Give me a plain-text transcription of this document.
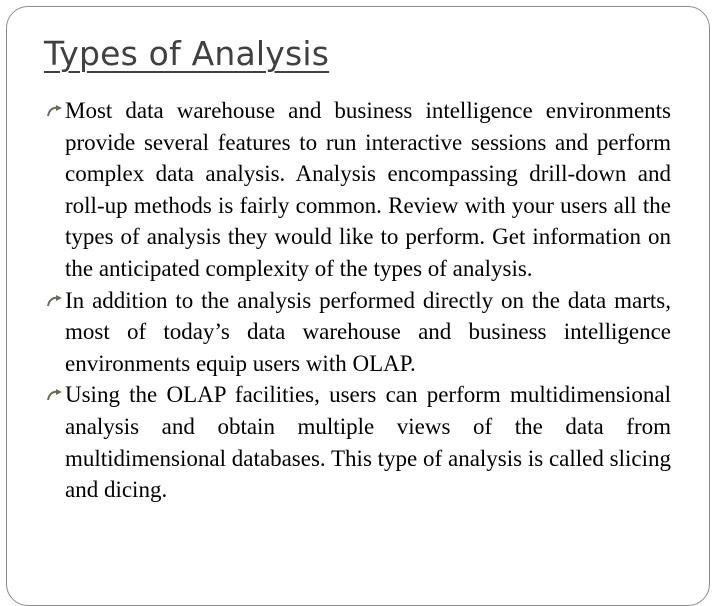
Types of Analysis
Most data warehouse and business intelligence environments provide several features to run interactive sessions and perform complex data analysis. Analysis encompassing drill-down and roll-up methods is fairly common. Review with your users all the types of analysis they would like to perform. Get information on the anticipated complexity of the types of analysis.
In addition to the analysis performed directly on the data marts, most of today’s data warehouse and business intelligence environments equip users with OLAP.
Using the OLAP facilities, users can perform multidimensional analysis and obtain multiple views of the data from multidimensional databases. This type of analysis is called slicing and dicing.
